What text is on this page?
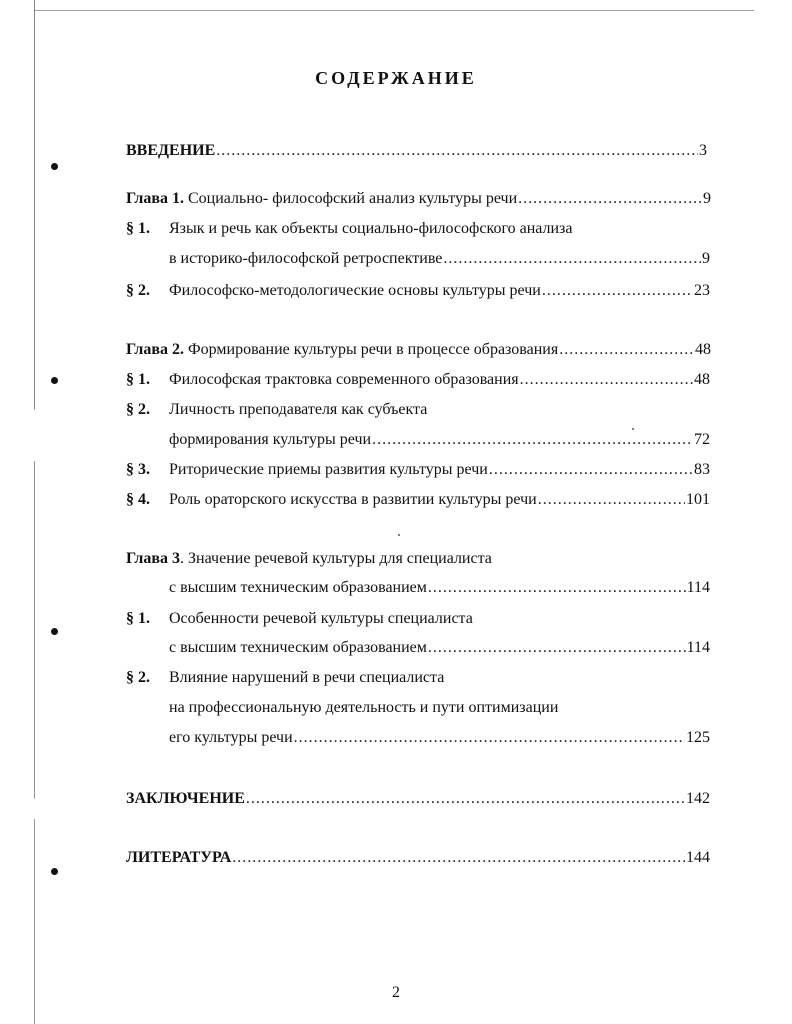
СОДЕРЖАНИЕ
ВВЕДЕНИЕ .....	3
Глава 1. Социально- философский анализ культуры речи .....	9
§ 1. Язык и речь как объекты социально-философского анализа
в историко-философской ретроспективе .....	9
§ 2. Философско-методологические основы культуры речи .....	23
Глава 2. Формирование культуры речи в процессе образования .....	48
§ 1. Философская трактовка современного образования .....	48
§ 2. Личность преподавателя как субъекта
формирования культуры речи .....	72
§ 3. Риторические приемы развития культуры речи .....	83
§ 4. Роль ораторского искусства в развитии культуры речи .....	101
Глава 3. Значение речевой культуры для специалиста
с высшим техническим образованием .....	114
§ 1. Особенности речевой культуры специалиста
с высшим техническим образованием .....	114
§ 2. Влияние нарушений в речи специалиста
на профессиональную деятельность и пути оптимизации
его культуры речи .....	125
ЗАКЛЮЧЕНИЕ .....	142
ЛИТЕРАТУРА .....	144
2
